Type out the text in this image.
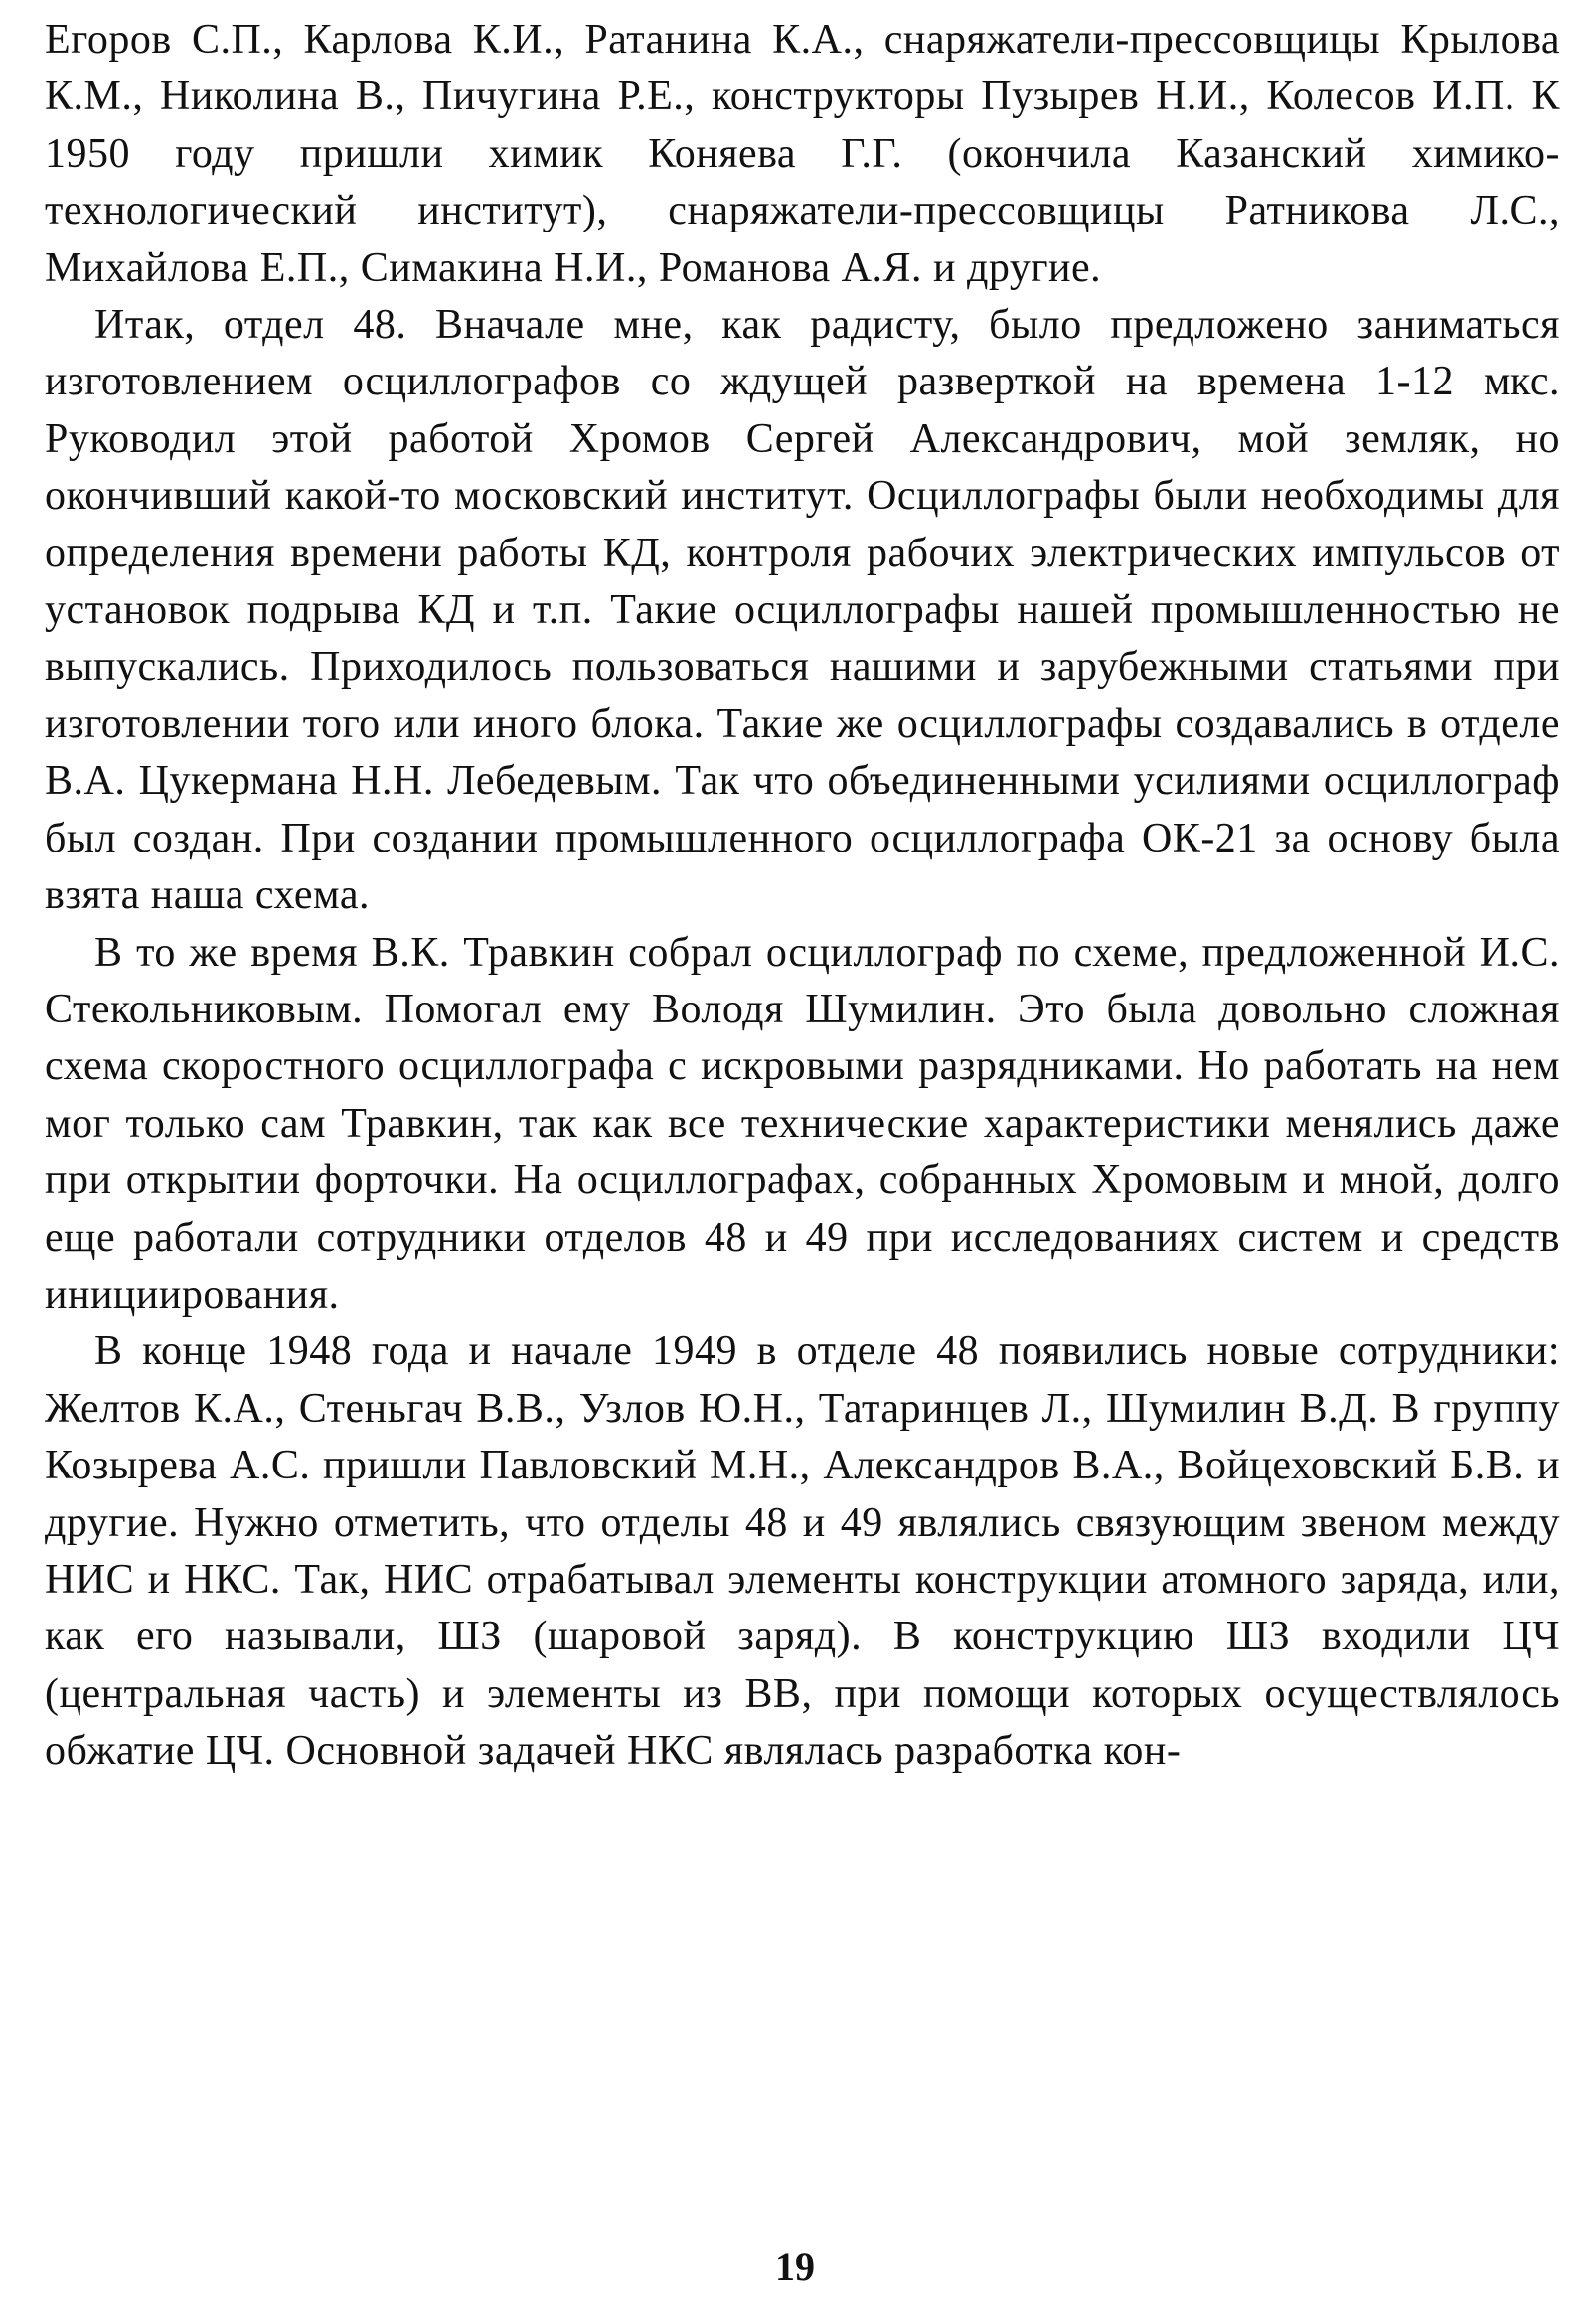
Егоров С.П., Карлова К.И., Ратанина К.А., снаряжатели-прессовщицы Крылова К.М., Николина В., Пичугина Р.Е., конструкторы Пузырев Н.И., Колесов И.П. К 1950 году пришли химик Коняева Г.Г. (окончила Казанский химико-технологический институт), снаряжатели-прессовщицы Ратникова Л.С., Михайлова Е.П., Симакина Н.И., Романова А.Я. и другие.

Итак, отдел 48. Вначале мне, как радисту, было предложено заниматься изготовлением осциллографов со ждущей разверткой на времена 1-12 мкс. Руководил этой работой Хромов Сергей Александрович, мой земляк, но окончивший какой-то московский институт. Осциллографы были необходимы для определения времени работы КД, контроля рабочих электрических импульсов от установок подрыва КД и т.п. Такие осциллографы нашей промышленностью не выпускались. Приходилось пользоваться нашими и зарубежными статьями при изготовлении того или иного блока. Такие же осциллографы создавались в отделе В.А. Цукермана Н.Н. Лебедевым. Так что объединенными усилиями осциллограф был создан. При создании промышленного осциллографа ОК-21 за основу была взята наша схема.

В то же время В.К. Травкин собрал осциллограф по схеме, предложенной И.С. Стекольниковым. Помогал ему Володя Шумилин. Это была довольно сложная схема скоростного осциллографа с искровыми разрядниками. Но работать на нем мог только сам Травкин, так как все технические характеристики менялись даже при открытии форточки. На осциллографах, собранных Хромовым и мной, долго еще работали сотрудники отделов 48 и 49 при исследованиях систем и средств инициирования.

В конце 1948 года и начале 1949 в отделе 48 появились новые сотрудники: Желтов К.А., Стеньгач В.В., Узлов Ю.Н., Татаринцев Л., Шумилин В.Д. В группу Козырева А.С. пришли Павловский М.Н., Александров В.А., Войцеховский Б.В. и другие. Нужно отметить, что отделы 48 и 49 являлись связующим звеном между НИС и НКС. Так, НИС отрабатывал элементы конструкции атомного заряда, или, как его называли, ШЗ (шаровой заряд). В конструкцию ШЗ входили ЦЧ (центральная часть) и элементы из ВВ, при помощи которых осуществлялось обжатие ЦЧ. Основной задачей НКС являлась разработка кон-

19
